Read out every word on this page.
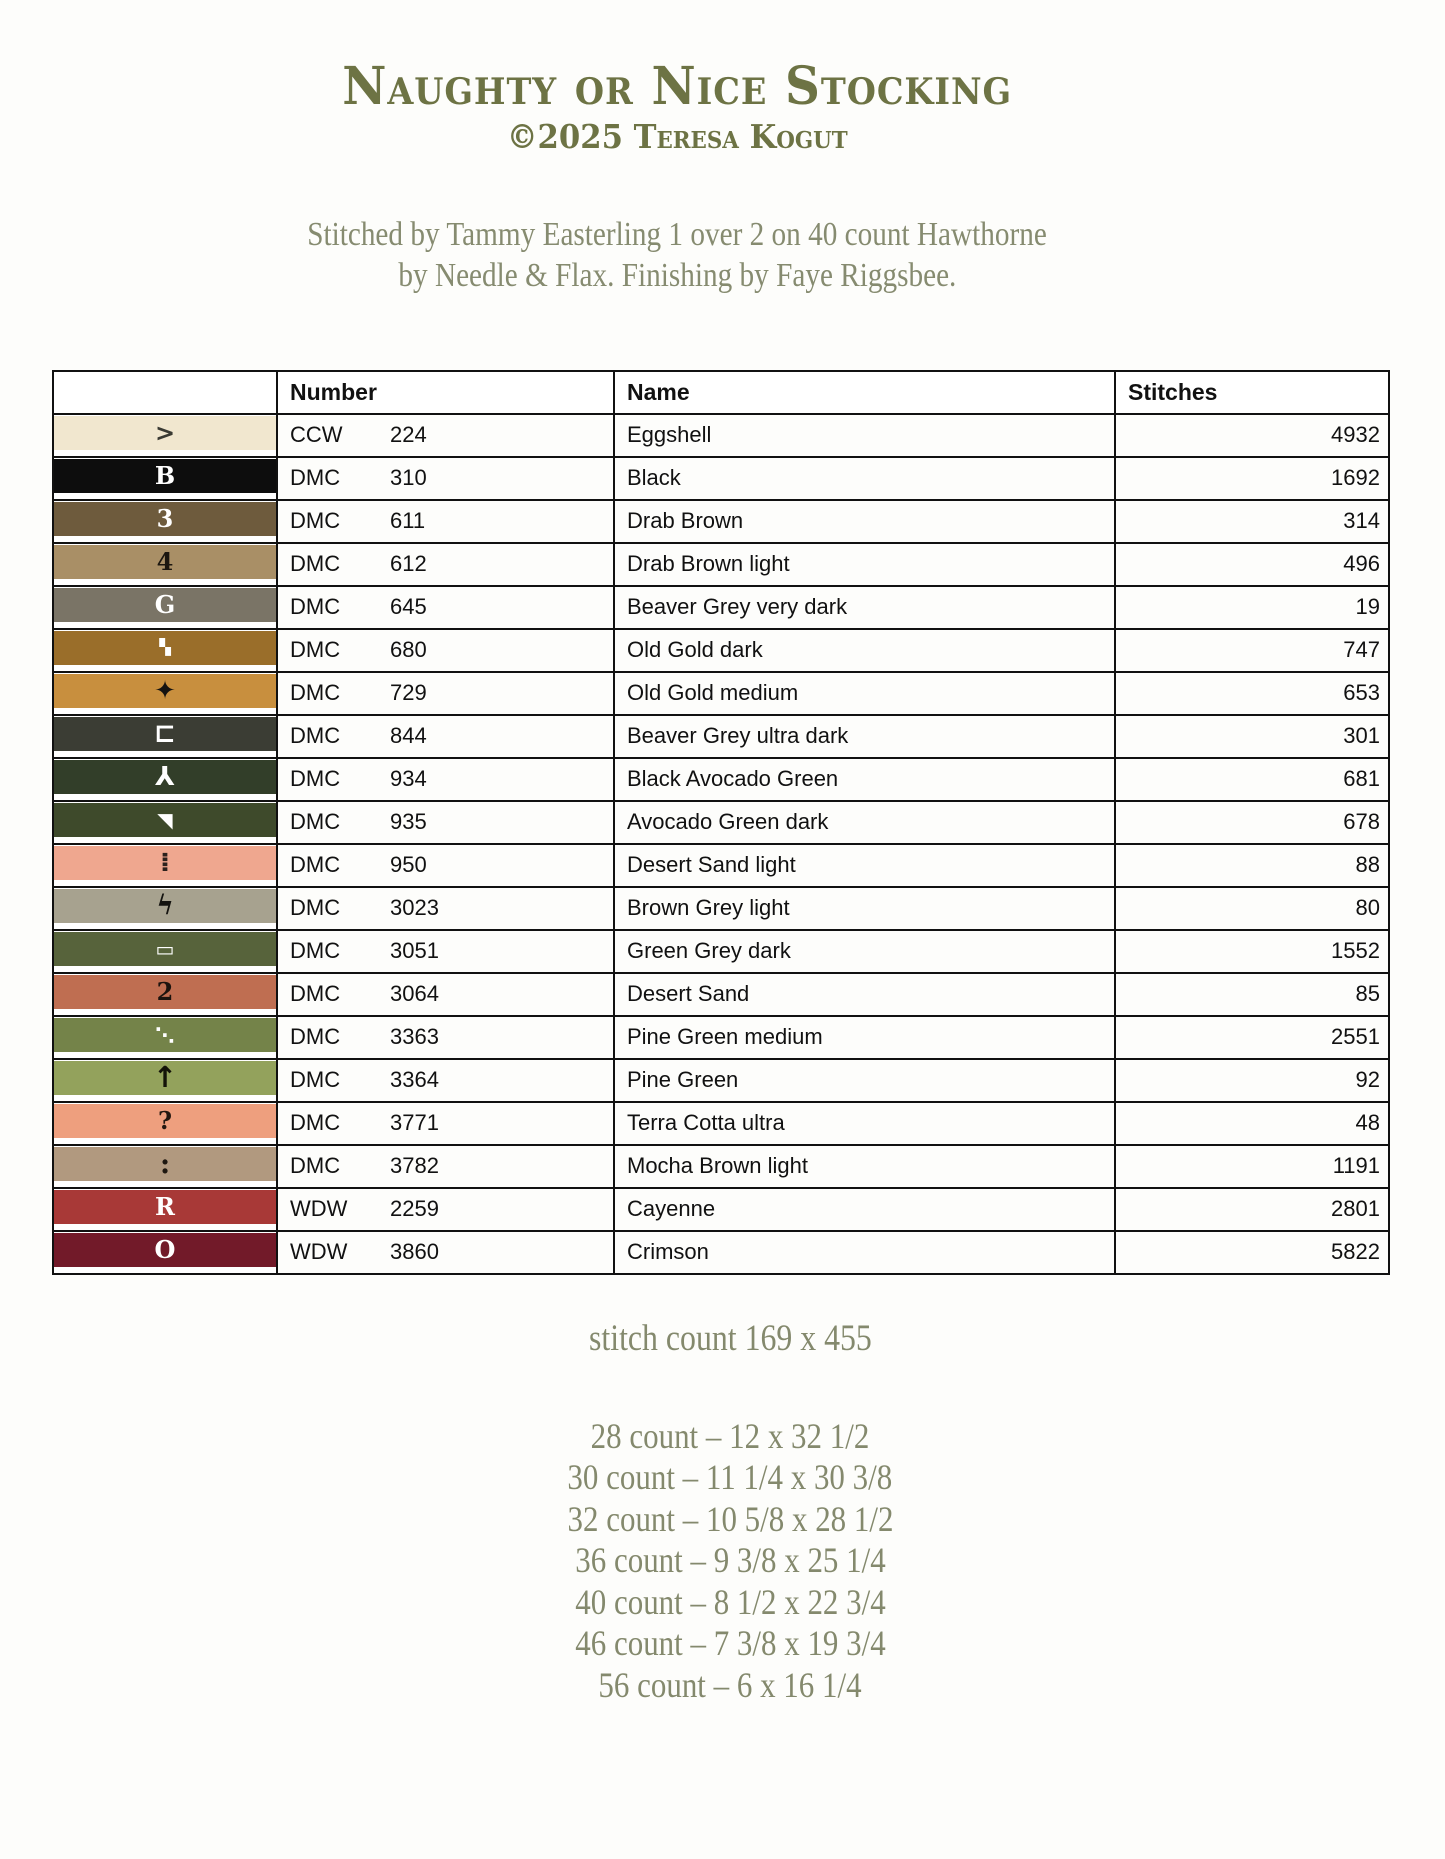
Naughty or Nice Stocking
©2025 Teresa Kogut
Stitched by Tammy Easterling 1 over 2 on 40 count Hawthorne
by Needle & Flax. Finishing by Faye Riggsbee.
	Number	Name	Stitches

>	CCW 224	Eggshell	4932

B	DMC 310	Black	1692

3	DMC 611	Drab Brown	314

4	DMC 612	Drab Brown light	496

G	DMC 645	Beaver Grey very dark	19

▚	DMC 680	Old Gold dark	747

✦	DMC 729	Old Gold medium	653

⊏	DMC 844	Beaver Grey ultra dark	301

⅄	DMC 934	Black Avocado Green	681

◥	DMC 935	Avocado Green dark	678

⁞	DMC 950	Desert Sand light	88

ϟ	DMC 3023	Brown Grey light	80

▭	DMC 3051	Green Grey dark	1552

2	DMC 3064	Desert Sand	85

⋱	DMC 3363	Pine Green medium	2551

↑	DMC 3364	Pine Green	92

?	DMC 3771	Terra Cotta ultra	48

:	DMC 3782	Mocha Brown light	1191

R	WDW 2259	Cayenne	2801

O	WDW 3860	Crimson	5822
stitch count 169 x 455
28 count – 12 x 32 1/2
30 count – 11 1/4 x 30 3/8
32 count – 10 5/8 x 28 1/2
36 count – 9 3/8 x 25 1/4
40 count – 8 1/2 x 22 3/4
46 count – 7 3/8 x 19 3/4
56 count – 6 x 16 1/4
